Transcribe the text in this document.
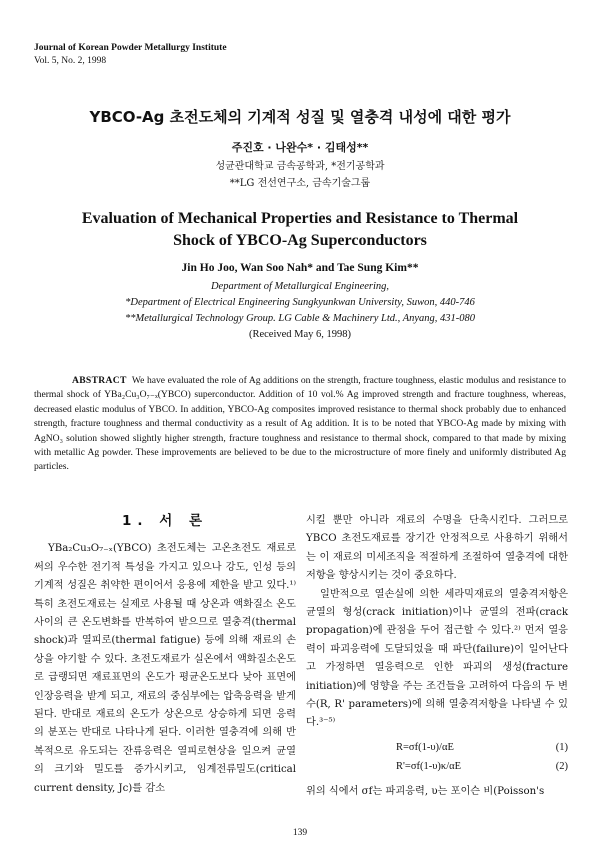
Journal of Korean Powder Metallurgy Institute
Vol. 5, No. 2, 1998
YBCO-Ag 초전도체의 기계적 성질 및 열충격 내성에 대한 평가
주진호 · 나완수* · 김태성**
성균관대학교 금속공학과, *전기공학과
**LG 전선연구소, 금속기술그룹
Evaluation of Mechanical Properties and Resistance to Thermal
Shock of YBCO-Ag Superconductors
Jin Ho Joo, Wan Soo Nah* and Tae Sung Kim**
Department of Metallurgical Engineering,
*Department of Electrical Engineering Sungkyunkwan University, Suwon, 440-746
**Metallurgical Technology Group. LG Cable & Machinery Ltd., Anyang, 431-080
(Received May 6, 1998)
ABSTRACT We have evaluated the role of Ag additions on the strength, fracture toughness, elastic modulus and resistance to thermal shock of YBa₂Cu₃O₇₋ₓ(YBCO) superconductor. Addition of 10 vol.% Ag improved strength and fracture toughness, whereas, decreased elastic modulus of YBCO. In addition, YBCO-Ag composites improved resistance to thermal shock probably due to enhanced strength, fracture toughness and thermal conductivity as a result of Ag addition. It is to be noted that YBCO-Ag made by mixing with AgNO₃ solution showed slightly higher strength, fracture toughness and resistance to thermal shock, compared to that made by mixing with metallic Ag powder. These improvements are believed to be due to the microstructure of more finely and uniformly distributed Ag particles.
1. 서 론

YBa₂Cu₃O₇₋ₓ(YBCO) 초전도체는 고온초전도 재료로써의 우수한 전기적 특성을 가지고 있으나 강도, 인성 등의 기계적 성질은 취약한 편이어서 응용에 제한을 받고 있다.¹⁾ 특히 초전도재료는 실제로 사용될 때 상온과 액화질소 온도 사이의 큰 온도변화를 반복하여 받으므로 열충격(thermal shock)과 열피로(thermal fatigue) 등에 의해 재료의 손상을 야기할 수 있다. 초전도재료가 실온에서 액화질소온도로 급랭되면 재료표면의 온도가 평균온도보다 낮아 표면에 인장응력을 받게 되고, 재료의 중심부에는 압축응력을 받게 된다. 반대로 재료의 온도가 상온으로 상승하게 되면 응력의 분포는 반대로 나타나게 된다. 이러한 열충격에 의해 반복적으로 유도되는 잔류응력은 열피로현상을 일으켜 균열의 크기와 밀도를 증가시키고, 임계전류밀도(critical current density, Jc)를 감소

시킬 뿐만 아니라 재료의 수명을 단축시킨다. 그러므로 YBCO 초전도재료를 장기간 안정적으로 사용하기 위해서는 이 재료의 미세조직을 적절하게 조절하여 열충격에 대한 저항을 향상시키는 것이 중요하다.

일반적으로 열손실에 의한 세라믹재료의 열충격저항은 균열의 형성(crack initiation)이나 균열의 전파(crack propagation)에 관점을 두어 접근할 수 있다.²⁾ 먼저 열응력이 파괴응력에 도달되었을 때 파단(failure)이 일어난다고 가정하면 열응력으로 인한 파괴의 생성(fracture initiation)에 영향을 주는 조건들을 고려하여 다음의 두 변수(R, R' parameters)에 의해 열충격저항을 나타낼 수 있다.³⁻⁵⁾

R=σf(1-υ)/αE	(1)
R'=σf(1-υ)κ/αE	(2)

위의 식에서 σf는 파괴응력, υ는 포이슨 비(Poisson's

139
